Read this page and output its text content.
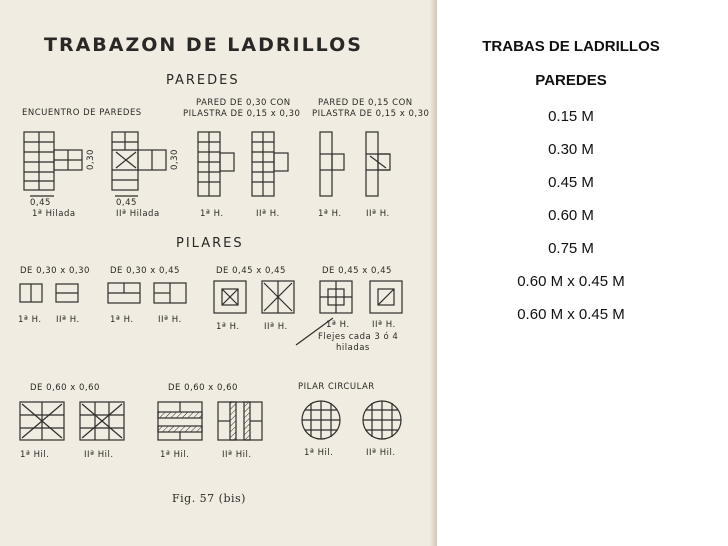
TRABAZON DE LADRILLOS
PAREDES
ENCUENTRO DE PAREDES
PARED DE 0,30 CON
PILASTRA DE 0,15 x 0,30
PARED DE 0,15 CON
PILASTRA DE 0,15 x 0,30
0,45	0,45
0,30	0,30
1ª Hilada	IIª Hilada	1ª H.	IIª H.	1ª H.	IIª H.
PILARES
DE 0,30 x 0,30 DE 0,30 x 0,45	DE 0,45 x 0,45	DE 0,45 x 0,45
1ª H. IIª H.	1ª H.	IIª H.
1ª H.	IIª H.	1ª H.	IIª H.
Flejes cada 3 ó 4
hiladas
DE 0,60 x 0,60	DE 0,60 x 0,60	PILAR CIRCULAR
1ª Hil.	IIª Hil.	1ª Hil.	IIª Hil.	1ª Hil.	IIª Hil.
Fig. 57 (bis)
TRABAS DE LADRILLOS
PAREDES
0.15 M
0.30 M
0.45 M
0.60 M
0.75 M
0.60 M x 0.45 M
0.60 M x 0.45 M
